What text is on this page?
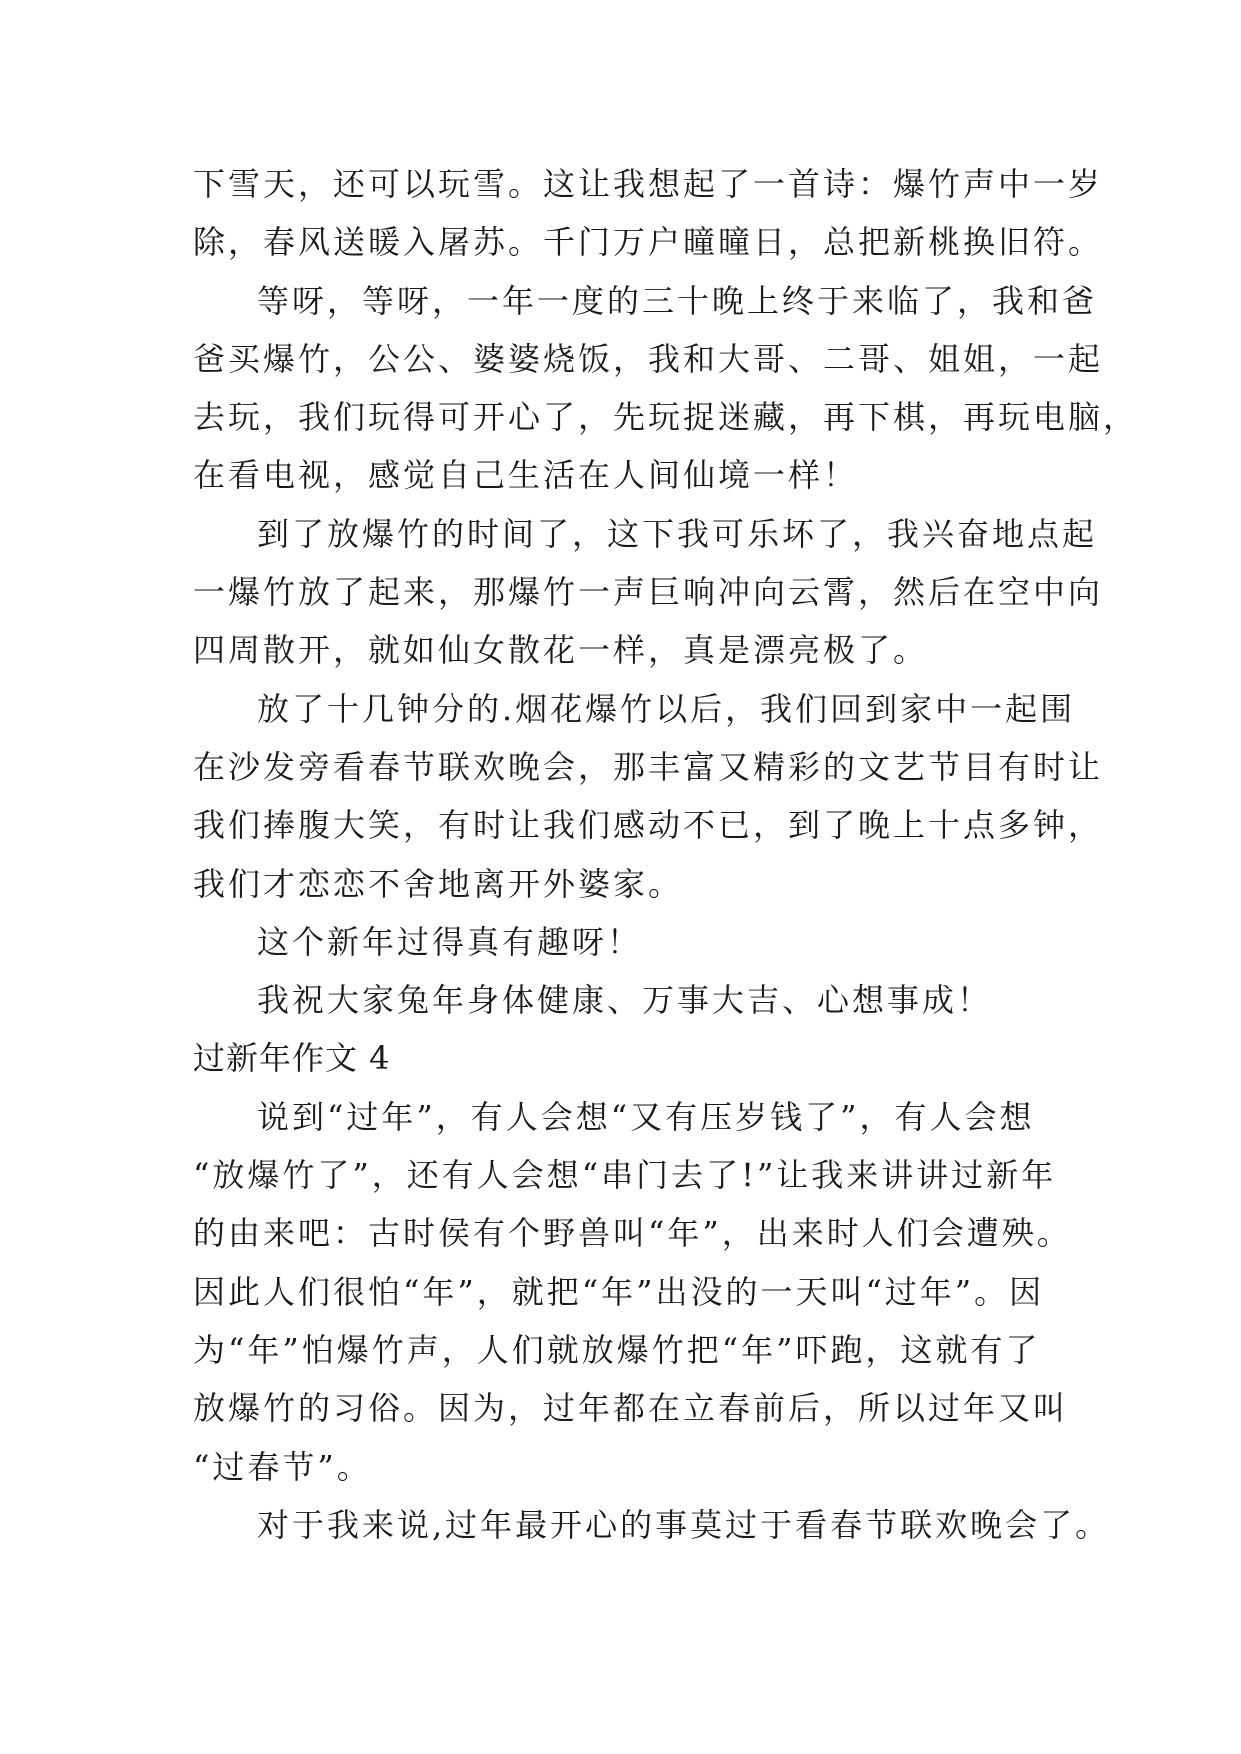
下雪天，还可以玩雪。这让我想起了一首诗：爆竹声中一岁
除，春风送暖入屠苏。千门万户曈曈日，总把新桃换旧符。
等呀，等呀，一年一度的三十晚上终于来临了，我和爸
爸买爆竹，公公、婆婆烧饭，我和大哥、二哥、姐姐，一起
去玩，我们玩得可开心了，先玩捉迷藏，再下棋，再玩电脑，
在看电视，感觉自己生活在人间仙境一样！
到了放爆竹的时间了，这下我可乐坏了，我兴奋地点起
一爆竹放了起来，那爆竹一声巨响冲向云霄，然后在空中向
四周散开，就如仙女散花一样，真是漂亮极了。
放了十几钟分的.烟花爆竹以后，我们回到家中一起围
在沙发旁看春节联欢晚会，那丰富又精彩的文艺节目有时让
我们捧腹大笑，有时让我们感动不已，到了晚上十点多钟，
我们才恋恋不舍地离开外婆家。
这个新年过得真有趣呀！
我祝大家兔年身体健康、万事大吉、心想事成！
过新年作文 4
说到“过年”，有人会想“又有压岁钱了”，有人会想
“放爆竹了”，还有人会想“串门去了!”让我来讲讲过新年
的由来吧：古时侯有个野兽叫“年”，出来时人们会遭殃。
因此人们很怕“年”，就把“年”出没的一天叫“过年”。因
为“年”怕爆竹声，人们就放爆竹把“年”吓跑，这就有了
放爆竹的习俗。因为，过年都在立春前后，所以过年又叫
“过春节”。
对于我来说,过年最开心的事莫过于看春节联欢晚会了。
